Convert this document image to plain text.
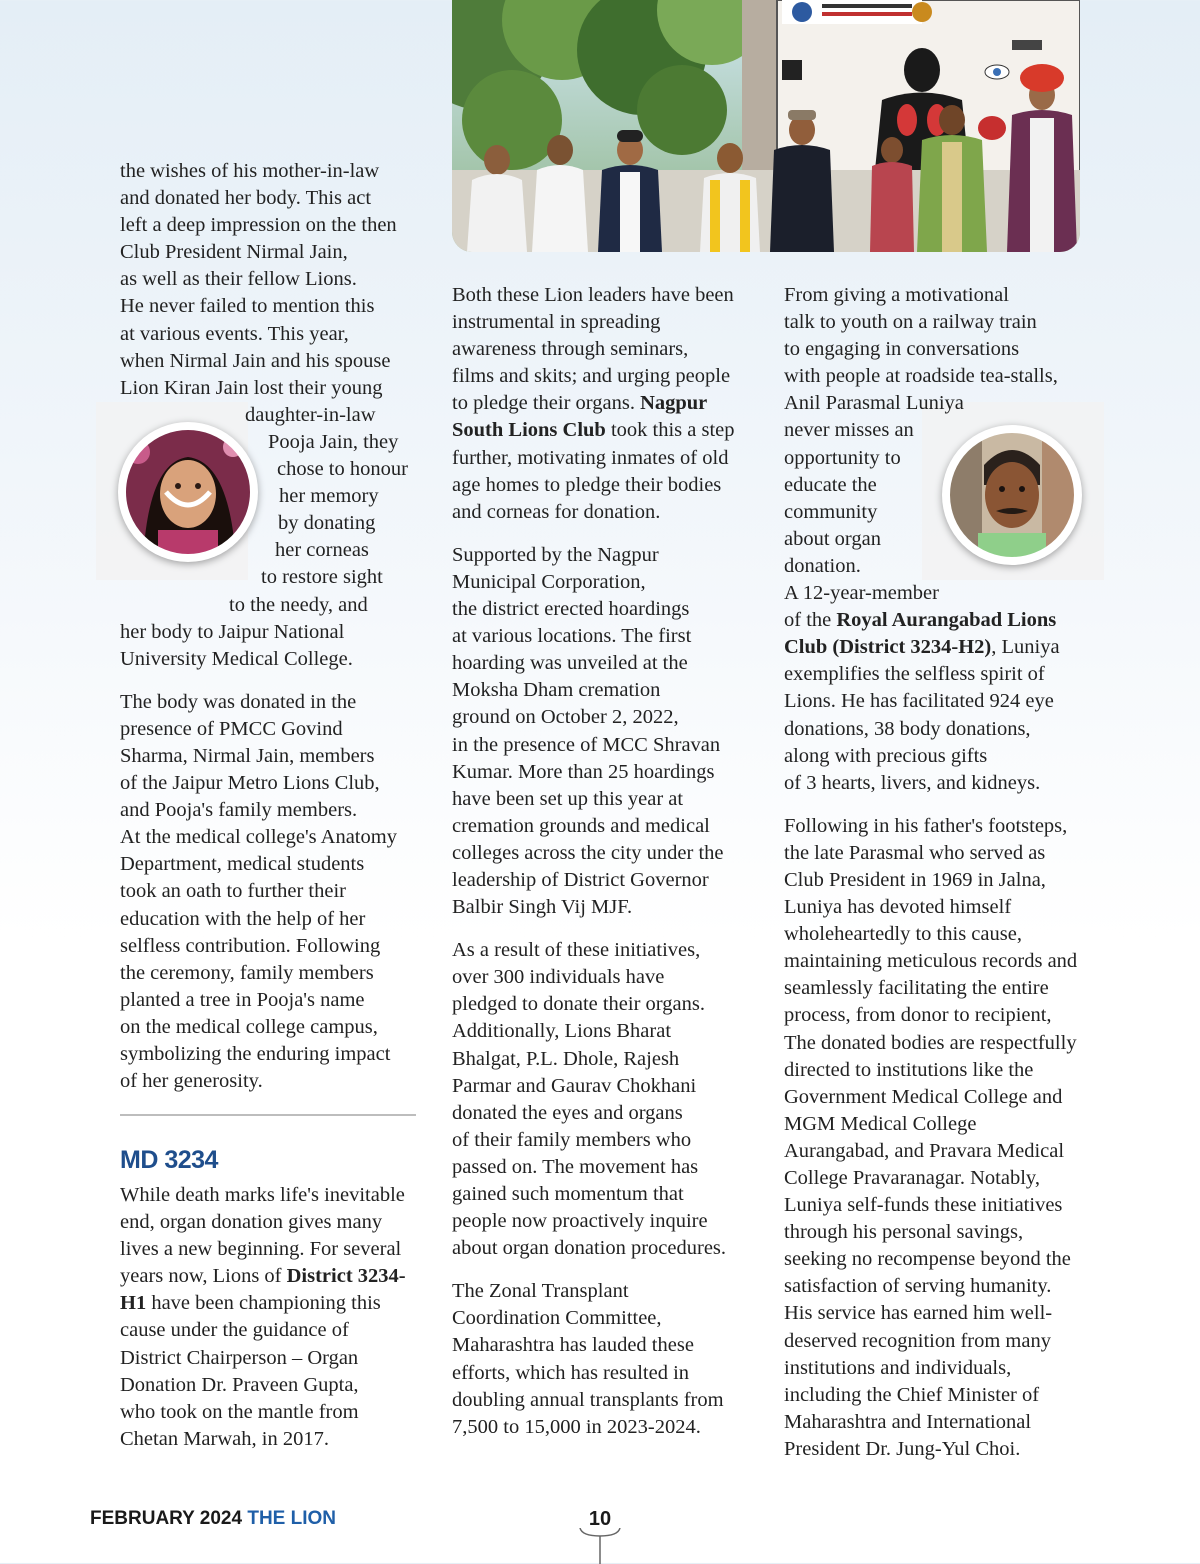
the wishes of his mother-in-law
and donated her body. This act
left a deep impression on the then
Club President Nirmal Jain,
as well as their fellow Lions.
He never failed to mention this
at various events. This year,
when Nirmal Jain and his spouse
Lion Kiran Jain lost their young
daughter-in-law
Pooja Jain, they
chose to honour
her memory
by donating
her corneas
to restore sight
to the needy, and
her body to Jaipur National
University Medical College.

The body was donated in the
presence of PMCC Govind
Sharma, Nirmal Jain, members
of the Jaipur Metro Lions Club,
and Pooja's family members.
At the medical college's Anatomy
Department, medical students
took an oath to further their
education with the help of her
selfless contribution. Following
the ceremony, family members
planted a tree in Pooja's name
on the medical college campus,
symbolizing the enduring impact
of her generosity.

MD 3234

While death marks life's inevitable
end, organ donation gives many
lives a new beginning. For several
years now, Lions of District 3234-
H1 have been championing this
cause under the guidance of
District Chairperson – Organ
Donation Dr. Praveen Gupta,
who took on the mantle from
Chetan Marwah, in 2017.

Both these Lion leaders have been
instrumental in spreading
awareness through seminars,
films and skits; and urging people
to pledge their organs. Nagpur
South Lions Club took this a step
further, motivating inmates of old
age homes to pledge their bodies
and corneas for donation.

Supported by the Nagpur
Municipal Corporation,
the district erected hoardings
at various locations. The first
hoarding was unveiled at the
Moksha Dham cremation
ground on October 2, 2022,
in the presence of MCC Shravan
Kumar. More than 25 hoardings
have been set up this year at
cremation grounds and medical
colleges across the city under the
leadership of District Governor
Balbir Singh Vij MJF.

As a result of these initiatives,
over 300 individuals have
pledged to donate their organs.
Additionally, Lions Bharat
Bhalgat, P.L. Dhole, Rajesh
Parmar and Gaurav Chokhani
donated the eyes and organs
of their family members who
passed on. The movement has
gained such momentum that
people now proactively inquire
about organ donation procedures.

The Zonal Transplant
Coordination Committee,
Maharashtra has lauded these
efforts, which has resulted in
doubling annual transplants from
7,500 to 15,000 in 2023-2024.

From giving a motivational
talk to youth on a railway train
to engaging in conversations
with people at roadside tea-stalls,
Anil Parasmal Luniya
never misses an
opportunity to
educate the
community
about organ
donation.
A 12-year-member
of the Royal Aurangabad Lions
Club (District 3234-H2), Luniya
exemplifies the selfless spirit of
Lions. He has facilitated 924 eye
donations, 38 body donations,
along with precious gifts
of 3 hearts, livers, and kidneys.

Following in his father's footsteps,
the late Parasmal who served as
Club President in 1969 in Jalna,
Luniya has devoted himself
wholeheartedly to this cause,
maintaining meticulous records and
seamlessly facilitating the entire
process, from donor to recipient,
The donated bodies are respectfully
directed to institutions like the
Government Medical College and
MGM Medical College
Aurangabad, and Pravara Medical
College Pravaranagar. Notably,
Luniya self-funds these initiatives
through his personal savings,
seeking no recompense beyond the
satisfaction of serving humanity.
His service has earned him well-
deserved recognition from many
institutions and individuals,
including the Chief Minister of
Maharashtra and International
President Dr. Jung-Yul Choi.

FEBRUARY 2024 THE LION	10
